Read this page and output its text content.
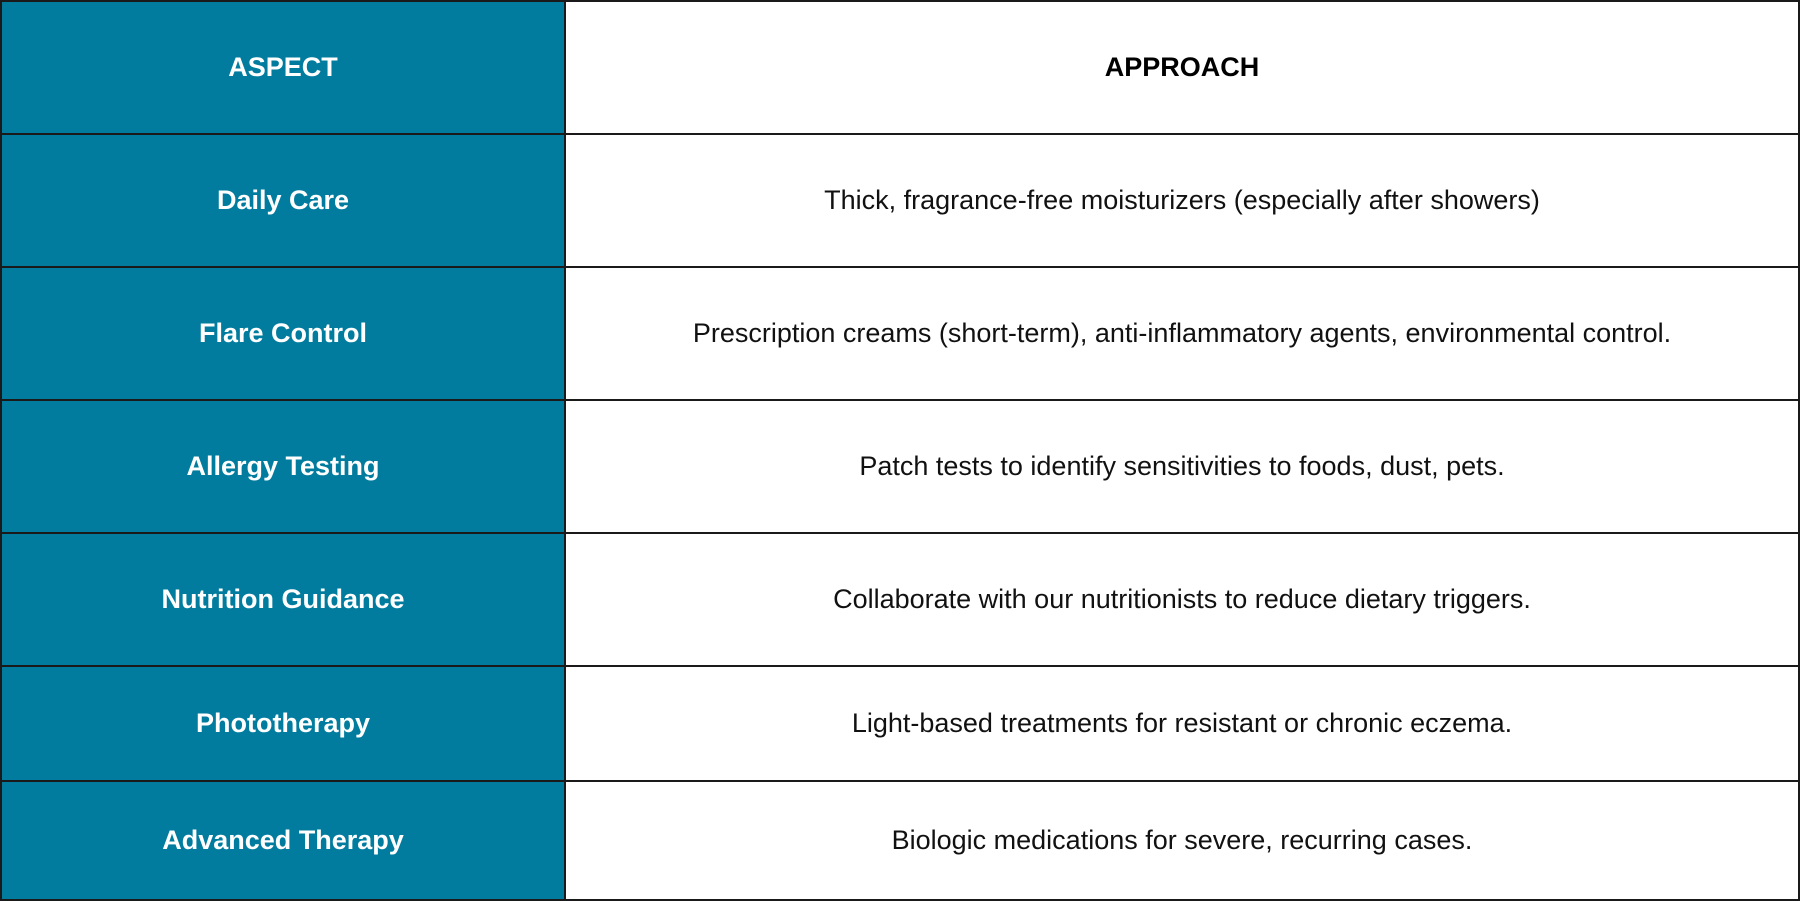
ASPECT	APPROACH
Daily Care	Thick, fragrance-free moisturizers (especially after showers)
Flare Control	Prescription creams (short-term), anti-inflammatory agents, environmental control.
Allergy Testing	Patch tests to identify sensitivities to foods, dust, pets.
Nutrition Guidance	Collaborate with our nutritionists to reduce dietary triggers.
Phototherapy	Light-based treatments for resistant or chronic eczema.
Advanced Therapy	Biologic medications for severe, recurring cases.
